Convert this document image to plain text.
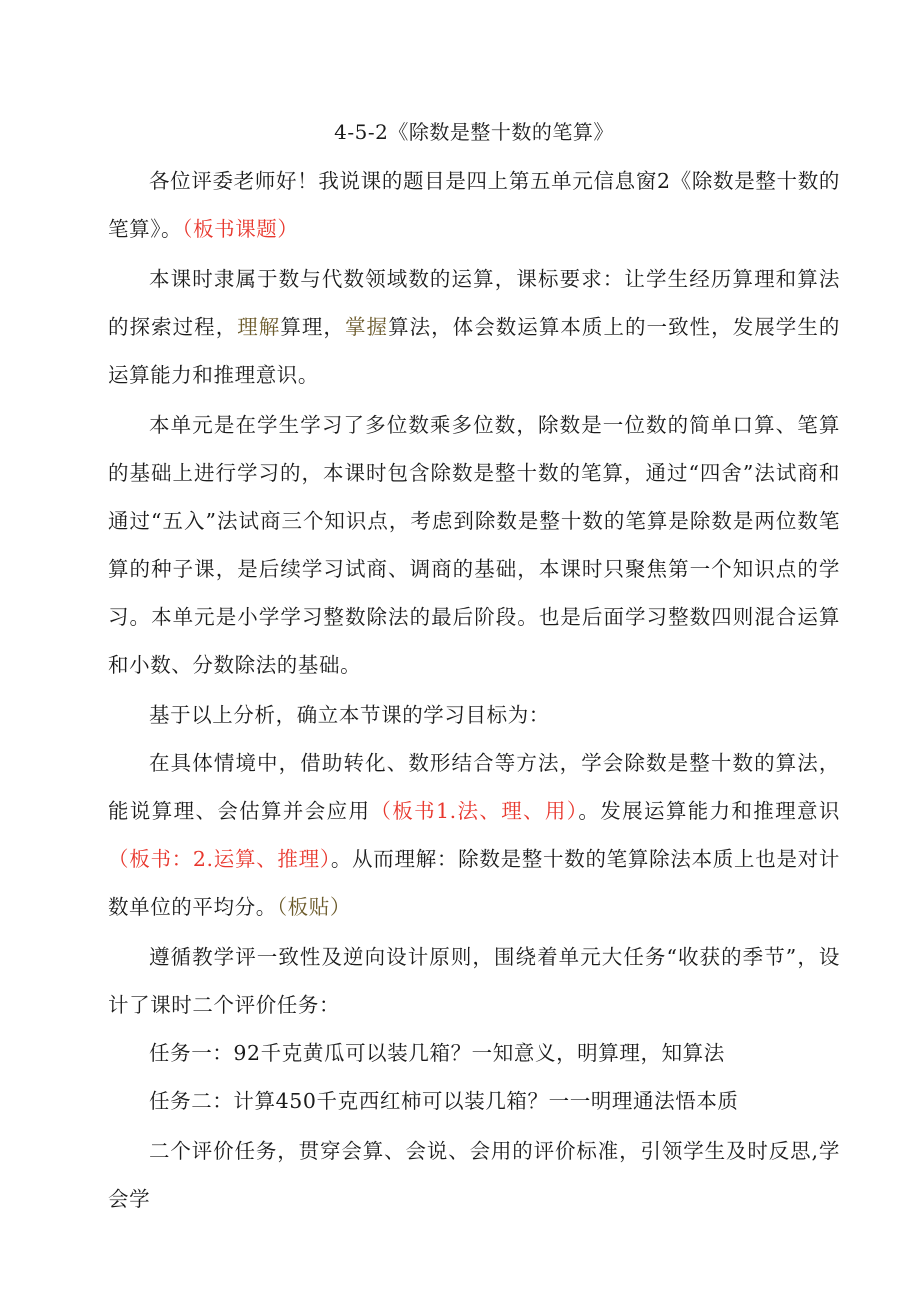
4-5-2《除数是整十数的笔算》

各位评委老师好！我说课的题目是四上第五单元信息窗2《除数是整十数的笔算》。（板书课题）

本课时隶属于数与代数领域数的运算，课标要求：让学生经历算理和算法的探索过程，理解算理，掌握算法，体会数运算本质上的一致性，发展学生的运算能力和推理意识。

本单元是在学生学习了多位数乘多位数，除数是一位数的简单口算、笔算的基础上进行学习的，本课时包含除数是整十数的笔算，通过“四舍”法试商和通过“五入”法试商三个知识点，考虑到除数是整十数的笔算是除数是两位数笔算的种子课，是后续学习试商、调商的基础，本课时只聚焦第一个知识点的学习。本单元是小学学习整数除法的最后阶段。也是后面学习整数四则混合运算和小数、分数除法的基础。

基于以上分析，确立本节课的学习目标为：

在具体情境中，借助转化、数形结合等方法，学会除数是整十数的算法，能说算理、会估算并会应用（板书1.法、理、用）。发展运算能力和推理意识（板书：2.运算、推理）。从而理解：除数是整十数的笔算除法本质上也是对计数单位的平均分。（板贴）

遵循教学评一致性及逆向设计原则，围绕着单元大任务“收获的季节”，设计了课时二个评价任务：

任务一：92千克黄瓜可以装几箱？一知意义，明算理，知算法

任务二：计算450千克西红柿可以装几箱？一一明理通法悟本质

二个评价任务，贯穿会算、会说、会用的评价标准，引领学生及时反思,学会学
